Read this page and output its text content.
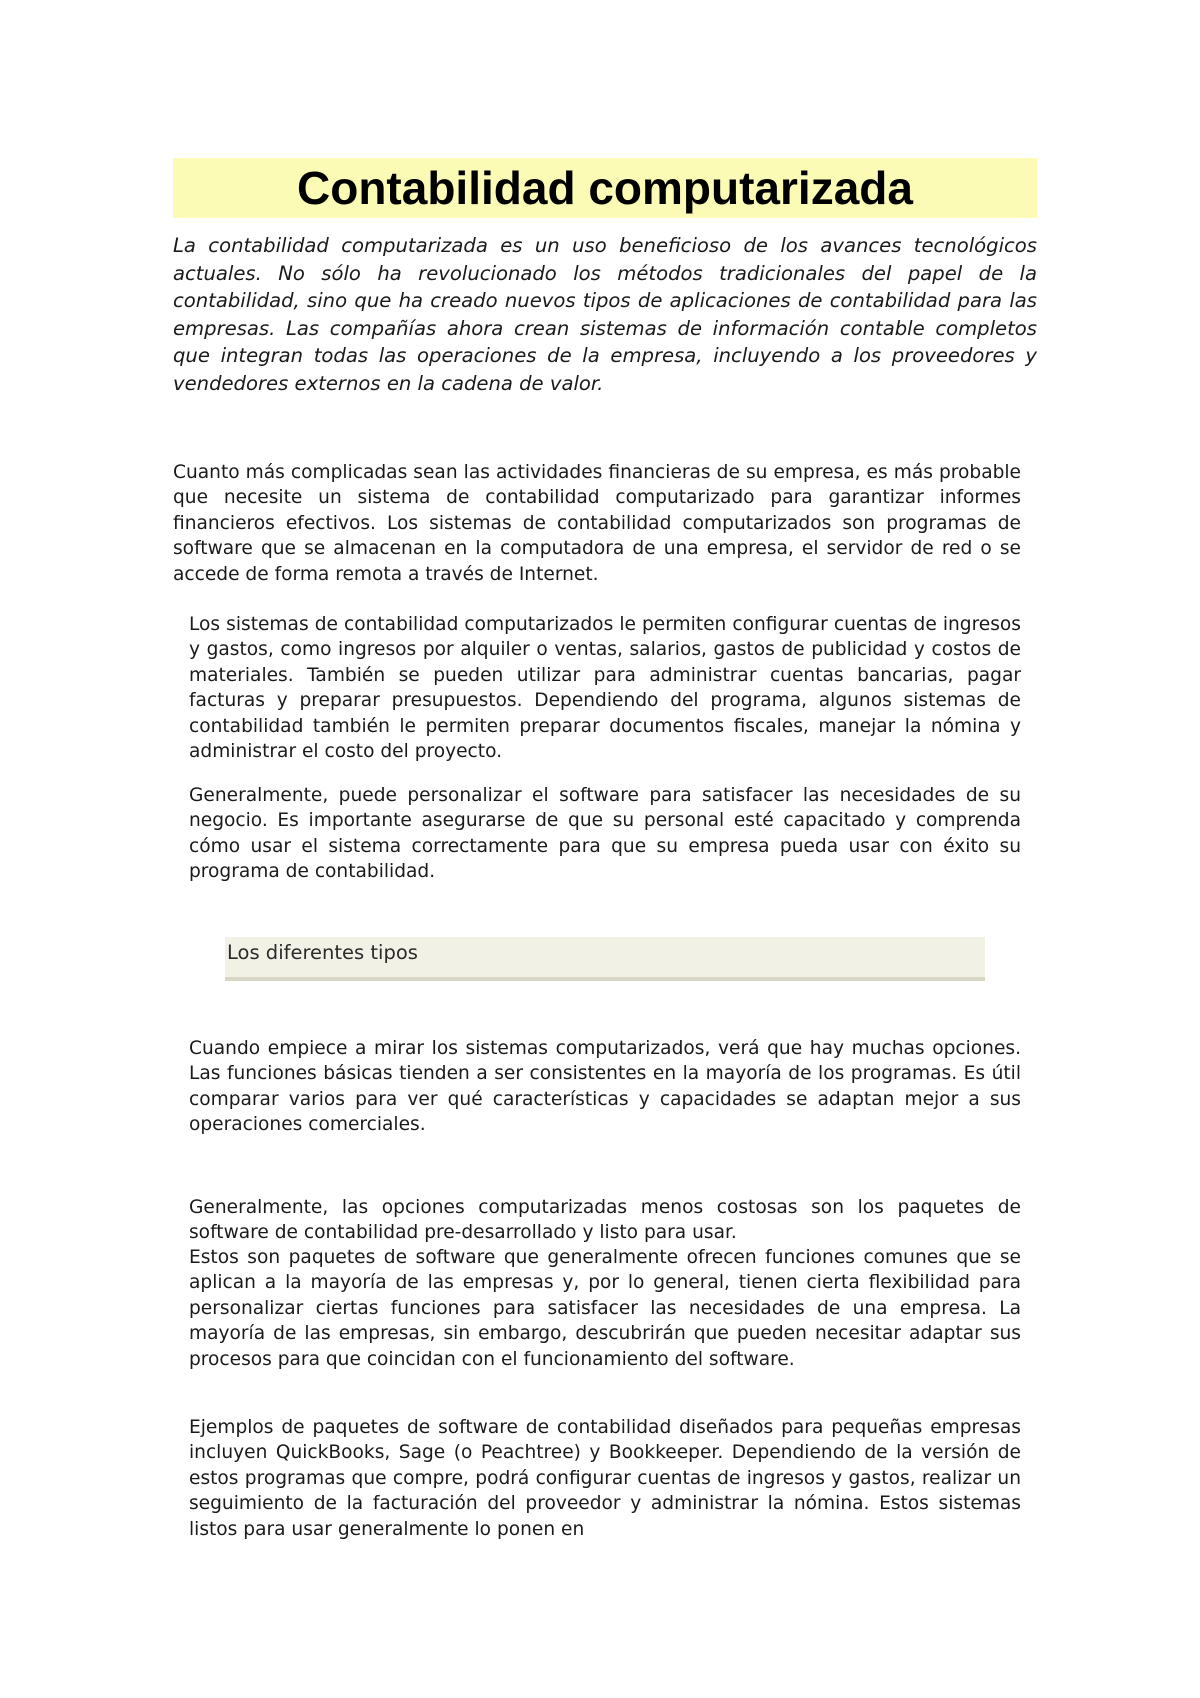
Contabilidad computarizada

La contabilidad computarizada es un uso beneficioso de los avances tecnológicos actuales. No sólo ha revolucionado los métodos tradicionales del papel de la contabilidad, sino que ha creado nuevos tipos de aplicaciones de contabilidad para las empresas. Las compañías ahora crean sistemas de información contable completos que integran todas las operaciones de la empresa, incluyendo a los proveedores y vendedores externos en la cadena de valor.

Cuanto más complicadas sean las actividades financieras de su empresa, es más probable que necesite un sistema de contabilidad computarizado para garantizar informes financieros efectivos. Los sistemas de contabilidad computarizados son programas de software que se almacenan en la computadora de una empresa, el servidor de red o se accede de forma remota a través de Internet.

Los sistemas de contabilidad computarizados le permiten configurar cuentas de ingresos y gastos, como ingresos por alquiler o ventas, salarios, gastos de publicidad y costos de materiales. También se pueden utilizar para administrar cuentas bancarias, pagar facturas y preparar presupuestos. Dependiendo del programa, algunos sistemas de contabilidad también le permiten preparar documentos fiscales, manejar la nómina y administrar el costo del proyecto.

Generalmente, puede personalizar el software para satisfacer las necesidades de su negocio. Es importante asegurarse de que su personal esté capacitado y comprenda cómo usar el sistema correctamente para que su empresa pueda usar con éxito su programa de contabilidad.

Los diferentes tipos

Cuando empiece a mirar los sistemas computarizados, verá que hay muchas opciones. Las funciones básicas tienden a ser consistentes en la mayoría de los programas. Es útil comparar varios para ver qué características y capacidades se adaptan mejor a sus operaciones comerciales.

Generalmente, las opciones computarizadas menos costosas son los paquetes de software de contabilidad pre-desarrollado y listo para usar.

Estos son paquetes de software que generalmente ofrecen funciones comunes que se aplican a la mayoría de las empresas y, por lo general, tienen cierta flexibilidad para personalizar ciertas funciones para satisfacer las necesidades de una empresa. La mayoría de las empresas, sin embargo, descubrirán que pueden necesitar adaptar sus procesos para que coincidan con el funcionamiento del software.

Ejemplos de paquetes de software de contabilidad diseñados para pequeñas empresas incluyen QuickBooks, Sage (o Peachtree) y Bookkeeper. Dependiendo de la versión de estos programas que compre, podrá configurar cuentas de ingresos y gastos, realizar un seguimiento de la facturación del proveedor y administrar la nómina. Estos sistemas listos para usar generalmente lo ponen en
